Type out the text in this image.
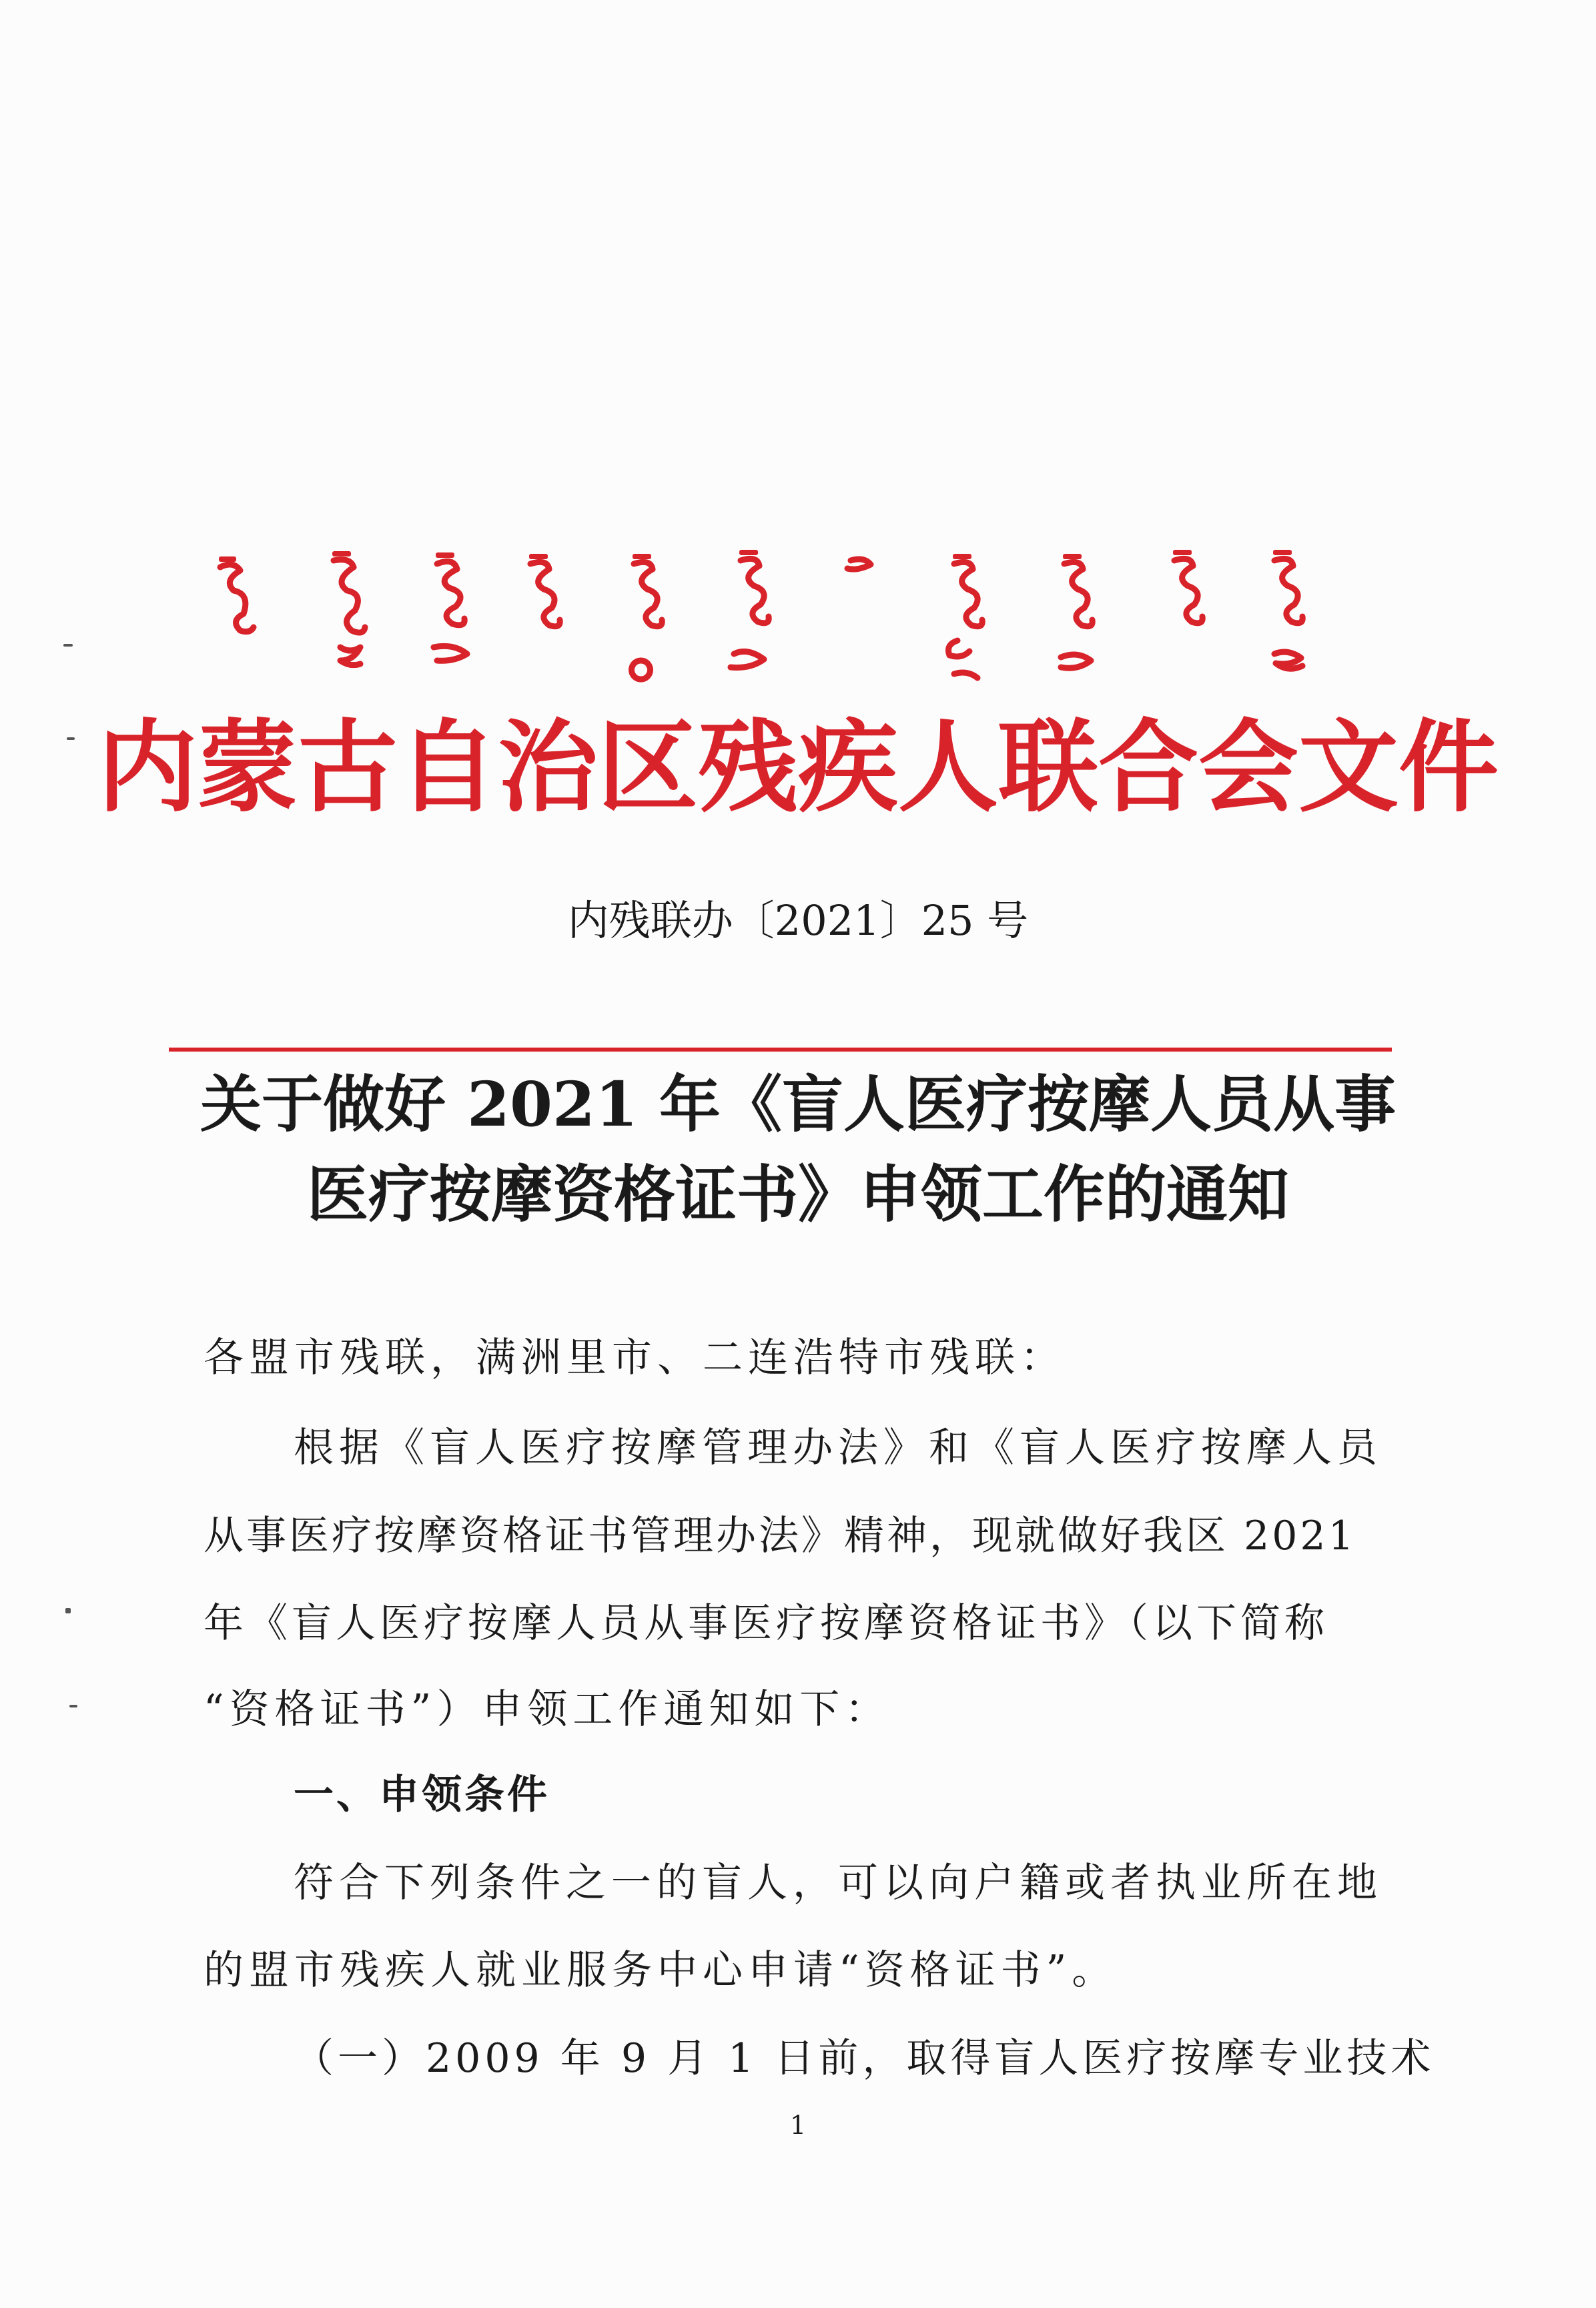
内蒙古自治区残疾人联合会文件
内残联办〔2021〕25 号
关于做好 2021 年《盲人医疗按摩人员从事
医疗按摩资格证书》申领工作的通知
各盟市残联，满洲里市、二连浩特市残联：
根据《盲人医疗按摩管理办法》和《盲人医疗按摩人员
从事医疗按摩资格证书管理办法》精神，现就做好我区 2021
年《盲人医疗按摩人员从事医疗按摩资格证书》（以下简称
“资格证书”）申领工作通知如下：
一、申领条件
符合下列条件之一的盲人，可以向户籍或者执业所在地
的盟市残疾人就业服务中心申请“资格证书”。
（一）2009 年 9 月 1 日前，取得盲人医疗按摩专业技术
1
